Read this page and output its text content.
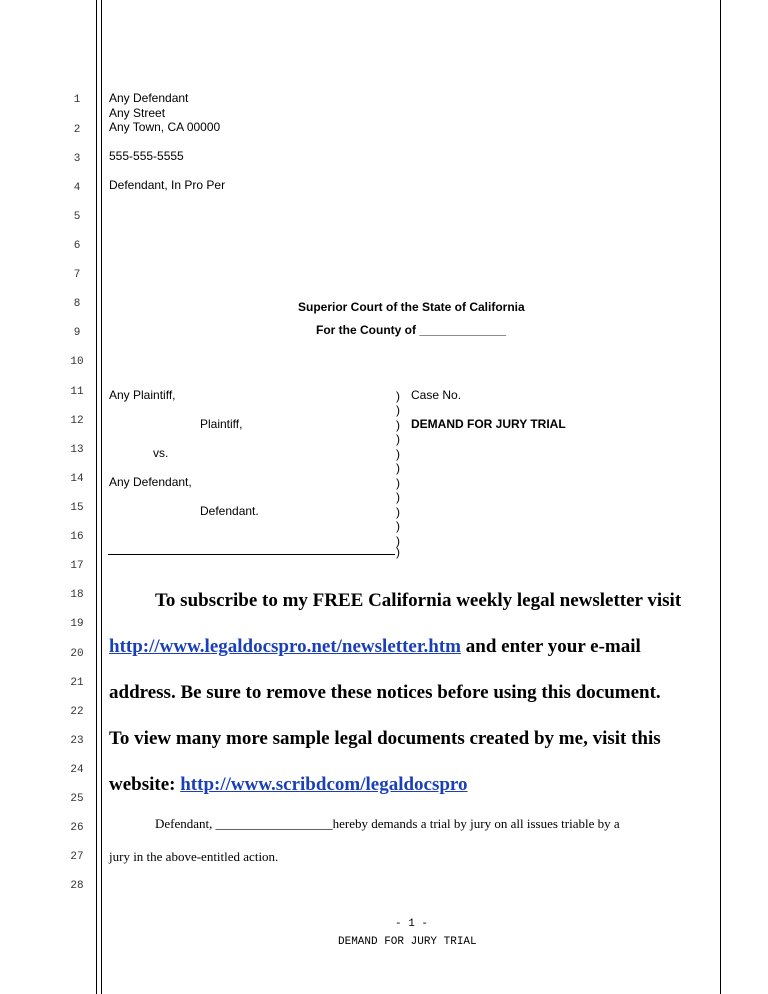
1
2
3
4
5
6
7
8
9
10
11
12
13
14
15
16
17
18
19
20
21
22
23
24
25
26
27
28
Any Defendant
Any Street
Any Town, CA 00000
555-555-5555
Defendant, In Pro Per
Superior Court of the State of California
For the County of _____________
Any Plaintiff,
Plaintiff,
vs.
Any Defendant,
Defendant.
)
)
)
)
)
)
)
)
)
)
)
)
Case No.
DEMAND FOR JURY TRIAL
To subscribe to my FREE California weekly legal newsletter visit
http://www.legaldocspro.net/newsletter.htm and enter your e-mail
address. Be sure to remove these notices before using this document.
To view many more sample legal documents created by me, visit this
website: http://www.scribdcom/legaldocspro
Defendant, __________________hereby demands a trial by jury on all issues triable by a
jury in the above-entitled action.
- 1 -
DEMAND FOR JURY TRIAL
